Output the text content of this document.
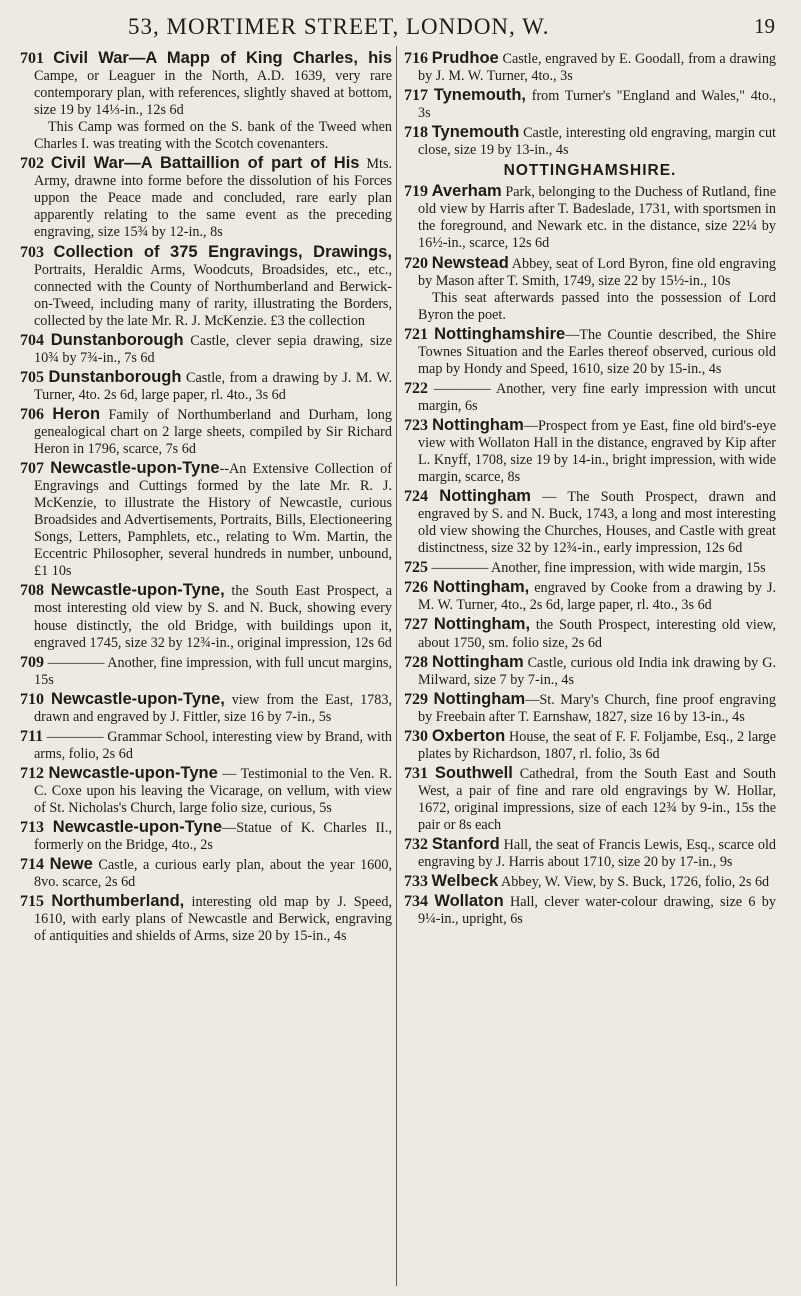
53, MORTIMER STREET, LONDON, W.	19

701 Civil War—A Mapp of King Charles, his Campe, or Leaguer in the North, A.D. 1639, very rare contemporary plan, with references, slightly shaved at bottom, size 19 by 14⅓-in., 12s 6d
This Camp was formed on the S. bank of the Tweed when Charles I. was treating with the Scotch covenanters.

702 Civil War—A Battaillion of part of His Mts. Army, drawne into forme before the dissolution of his Forces uppon the Peace made and concluded, rare early plan apparently relating to the same event as the preceding engraving, size 15¾ by 12-in., 8s

703 Collection of 375 Engravings, Drawings, Portraits, Heraldic Arms, Woodcuts, Broadsides, etc., etc., connected with the County of Northumberland and Berwick-on-Tweed, including many of rarity, illustrating the Borders, collected by the late Mr. R. J. McKenzie. £3 the collection

704 Dunstanborough Castle, clever sepia drawing, size 10¾ by 7¾-in., 7s 6d

705 Dunstanborough Castle, from a drawing by J. M. W. Turner, 4to. 2s 6d, large paper, rl. 4to., 3s 6d

706 Heron Family of Northumberland and Durham, long genealogical chart on 2 large sheets, compiled by Sir Richard Heron in 1796, scarce, 7s 6d

707 Newcastle-upon-Tyne--An Extensive Collection of Engravings and Cuttings formed by the late Mr. R. J. McKenzie, to illustrate the History of Newcastle, curious Broadsides and Advertisements, Portraits, Bills, Electioneering Songs, Letters, Pamphlets, etc., relating to Wm. Martin, the Eccentric Philosopher, several hundreds in number, unbound, £1 10s

708 Newcastle-upon-Tyne, the South East Prospect, a most interesting old view by S. and N. Buck, showing every house distinctly, the old Bridge, with buildings upon it, engraved 1745, size 32 by 12¾-in., original impression, 12s 6d

709 ———— Another, fine impression, with full uncut margins, 15s

710 Newcastle-upon-Tyne, view from the East, 1783, drawn and engraved by J. Fittler, size 16 by 7-in., 5s

711 ———— Grammar School, interesting view by Brand, with arms, folio, 2s 6d

712 Newcastle-upon-Tyne — Testimonial to the Ven. R. C. Coxe upon his leaving the Vicarage, on vellum, with view of St. Nicholas's Church, large folio size, curious, 5s

713 Newcastle-upon-Tyne—Statue of K. Charles II., formerly on the Bridge, 4to., 2s

714 Newe Castle, a curious early plan, about the year 1600, 8vo. scarce, 2s 6d

715 Northumberland, interesting old map by J. Speed, 1610, with early plans of Newcastle and Berwick, engraving of antiquities and shields of Arms, size 20 by 15-in., 4s

716 Prudhoe Castle, engraved by E. Goodall, from a drawing by J. M. W. Turner, 4to., 3s

717 Tynemouth, from Turner's "England and Wales," 4to., 3s

718 Tynemouth Castle, interesting old engraving, margin cut close, size 19 by 13-in., 4s

NOTTINGHAMSHIRE.

719 Averham Park, belonging to the Duchess of Rutland, fine old view by Harris after T. Badeslade, 1731, with sportsmen in the foreground, and Newark etc. in the distance, size 22¼ by 16½-in., scarce, 12s 6d

720 Newstead Abbey, seat of Lord Byron, fine old engraving by Mason after T. Smith, 1749, size 22 by 15½-in., 10s
This seat afterwards passed into the possession of Lord Byron the poet.

721 Nottinghamshire—The Countie described, the Shire Townes Situation and the Earles thereof observed, curious old map by Hondy and Speed, 1610, size 20 by 15-in., 4s

722 ———— Another, very fine early impression with uncut margin, 6s

723 Nottingham—Prospect from ye East, fine old bird's-eye view with Wollaton Hall in the distance, engraved by Kip after L. Knyff, 1708, size 19 by 14-in., bright impression, with wide margin, scarce, 8s

724 Nottingham — The South Prospect, drawn and engraved by S. and N. Buck, 1743, a long and most interesting old view showing the Churches, Houses, and Castle with great distinctness, size 32 by 12¾-in., early impression, 12s 6d

725 ———— Another, fine impression, with wide margin, 15s

726 Nottingham, engraved by Cooke from a drawing by J. M. W. Turner, 4to., 2s 6d, large paper, rl. 4to., 3s 6d

727 Nottingham, the South Prospect, interesting old view, about 1750, sm. folio size, 2s 6d

728 Nottingham Castle, curious old India ink drawing by G. Milward, size 7 by 7-in., 4s

729 Nottingham—St. Mary's Church, fine proof engraving by Freebain after T. Earnshaw, 1827, size 16 by 13-in., 4s

730 Oxberton House, the seat of F. F. Foljambe, Esq., 2 large plates by Richardson, 1807, rl. folio, 3s 6d

731 Southwell Cathedral, from the South East and South West, a pair of fine and rare old engravings by W. Hollar, 1672, original impressions, size of each 12¾ by 9-in., 15s the pair or 8s each

732 Stanford Hall, the seat of Francis Lewis, Esq., scarce old engraving by J. Harris about 1710, size 20 by 17-in., 9s

733 Welbeck Abbey, W. View, by S. Buck, 1726, folio, 2s 6d

734 Wollaton Hall, clever water-colour drawing, size 6 by 9¼-in., upright, 6s
